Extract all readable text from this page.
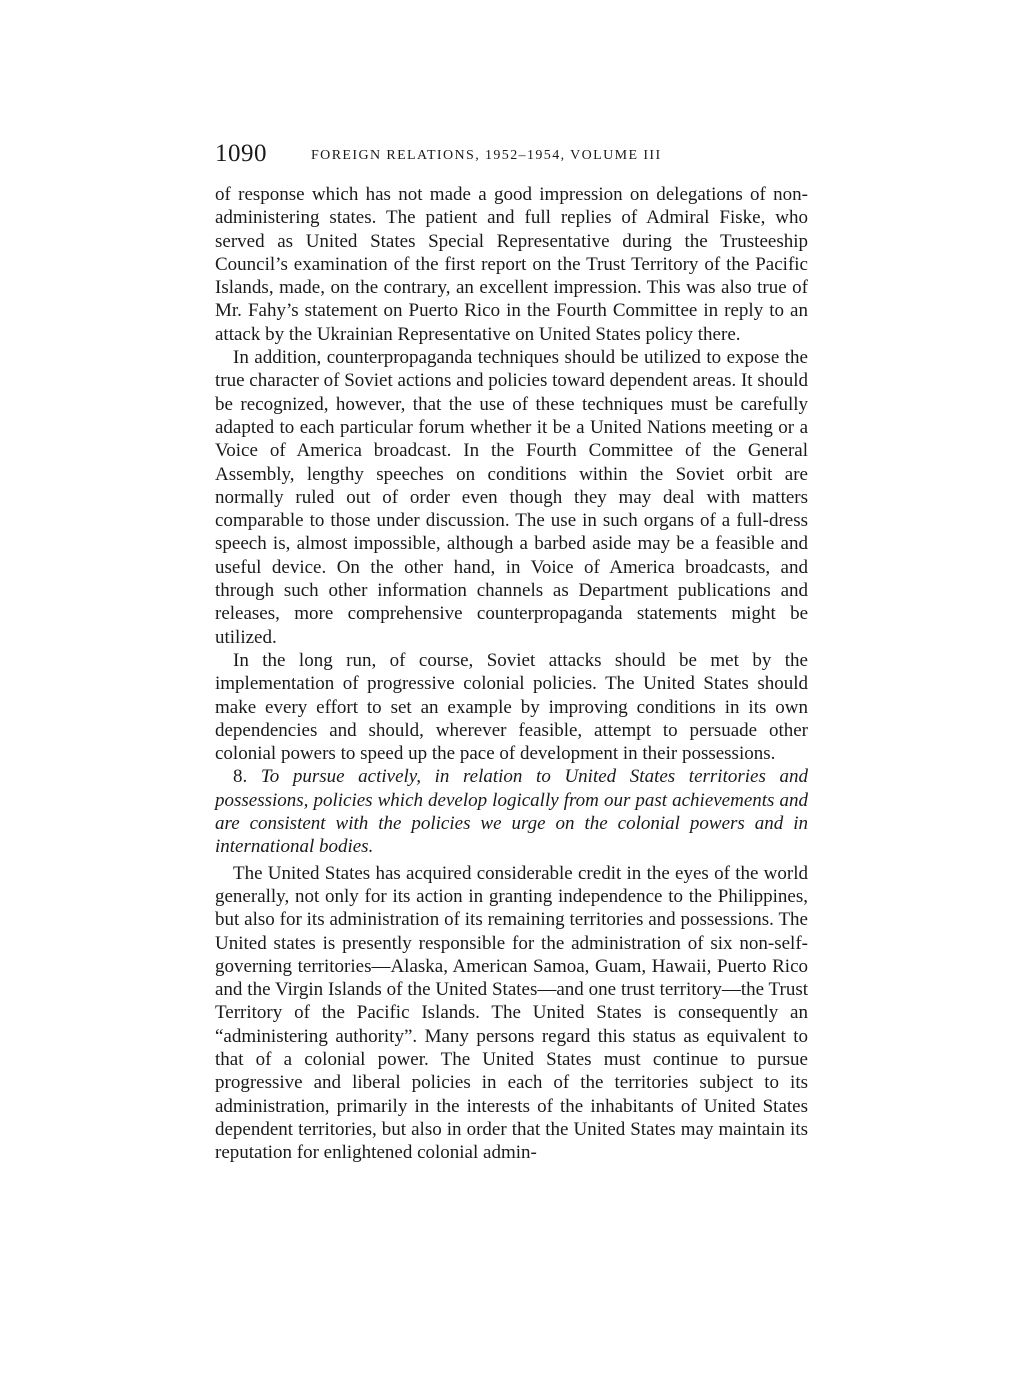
1090	FOREIGN RELATIONS, 1952–1954, VOLUME III

of response which has not made a good impression on delegations of non-administering states. The patient and full replies of Admiral Fiske, who served as United States Special Representative during the Trusteeship Council’s examination of the first report on the Trust Territory of the Pacific Islands, made, on the contrary, an excellent impression. This was also true of Mr. Fahy’s statement on Puerto Rico in the Fourth Committee in reply to an attack by the Ukrainian Representative on United States policy there.

In addition, counterpropaganda techniques should be utilized to expose the true character of Soviet actions and policies toward dependent areas. It should be recognized, however, that the use of these techniques must be carefully adapted to each particular forum whether it be a United Nations meeting or a Voice of America broadcast. In the Fourth Committee of the General Assembly, lengthy speeches on conditions within the Soviet orbit are normally ruled out of order even though they may deal with matters comparable to those under discussion. The use in such organs of a full-dress speech is, almost impossible, although a barbed aside may be a feasible and useful device. On the other hand, in Voice of America broadcasts, and through such other information channels as Department publications and releases, more comprehensive counterpropaganda statements might be utilized.

In the long run, of course, Soviet attacks should be met by the implementation of progressive colonial policies. The United States should make every effort to set an example by improving conditions in its own dependencies and should, wherever feasible, attempt to persuade other colonial powers to speed up the pace of development in their possessions.

8. To pursue actively, in relation to United States territories and possessions, policies which develop logically from our past achievements and are consistent with the policies we urge on the colonial powers and in international bodies.

The United States has acquired considerable credit in the eyes of the world generally, not only for its action in granting independence to the Philippines, but also for its administration of its remaining territories and possessions. The United states is presently responsible for the administration of six non-self-governing territories—Alaska, American Samoa, Guam, Hawaii, Puerto Rico and the Virgin Islands of the United States—and one trust territory—the Trust Territory of the Pacific Islands. The United States is consequently an “administering authority”. Many persons regard this status as equivalent to that of a colonial power. The United States must continue to pursue progressive and liberal policies in each of the territories subject to its administration, primarily in the interests of the inhabitants of United States dependent territories, but also in order that the United States may maintain its reputation for enlightened colonial admin-
